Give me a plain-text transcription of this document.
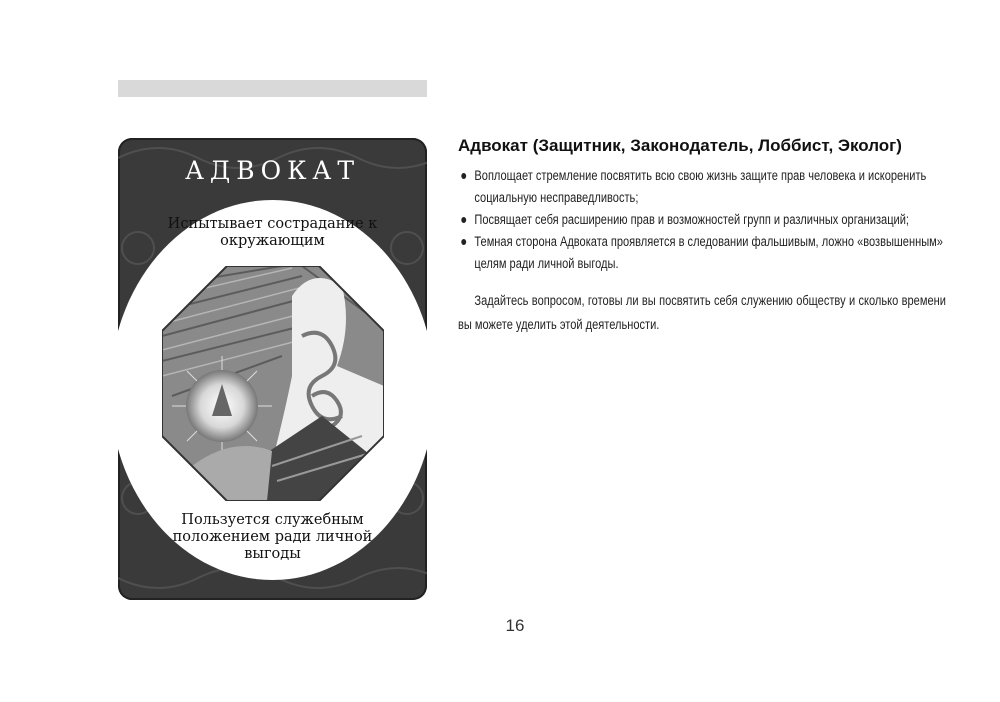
АДВОКАТ
Испытывает сострадание к окружающим
Пользуется служебным положением ради личной выгоды
Адвокат (Защитник, Законодатель, Лоббист, Эколог)
Воплощает стремление посвятить всю свою жизнь защите прав человека и искоренить социальную несправедливость;
Посвящает себя расширению прав и возможностей групп и различных организаций;
Темная сторона Адвоката проявляется в следовании фальшивым, ложно «возвышенным» целям ради личной выгоды.

Задайтесь вопросом, готовы ли вы посвятить себя служению обществу и сколько времени вы можете уделить этой деятельности.

16
